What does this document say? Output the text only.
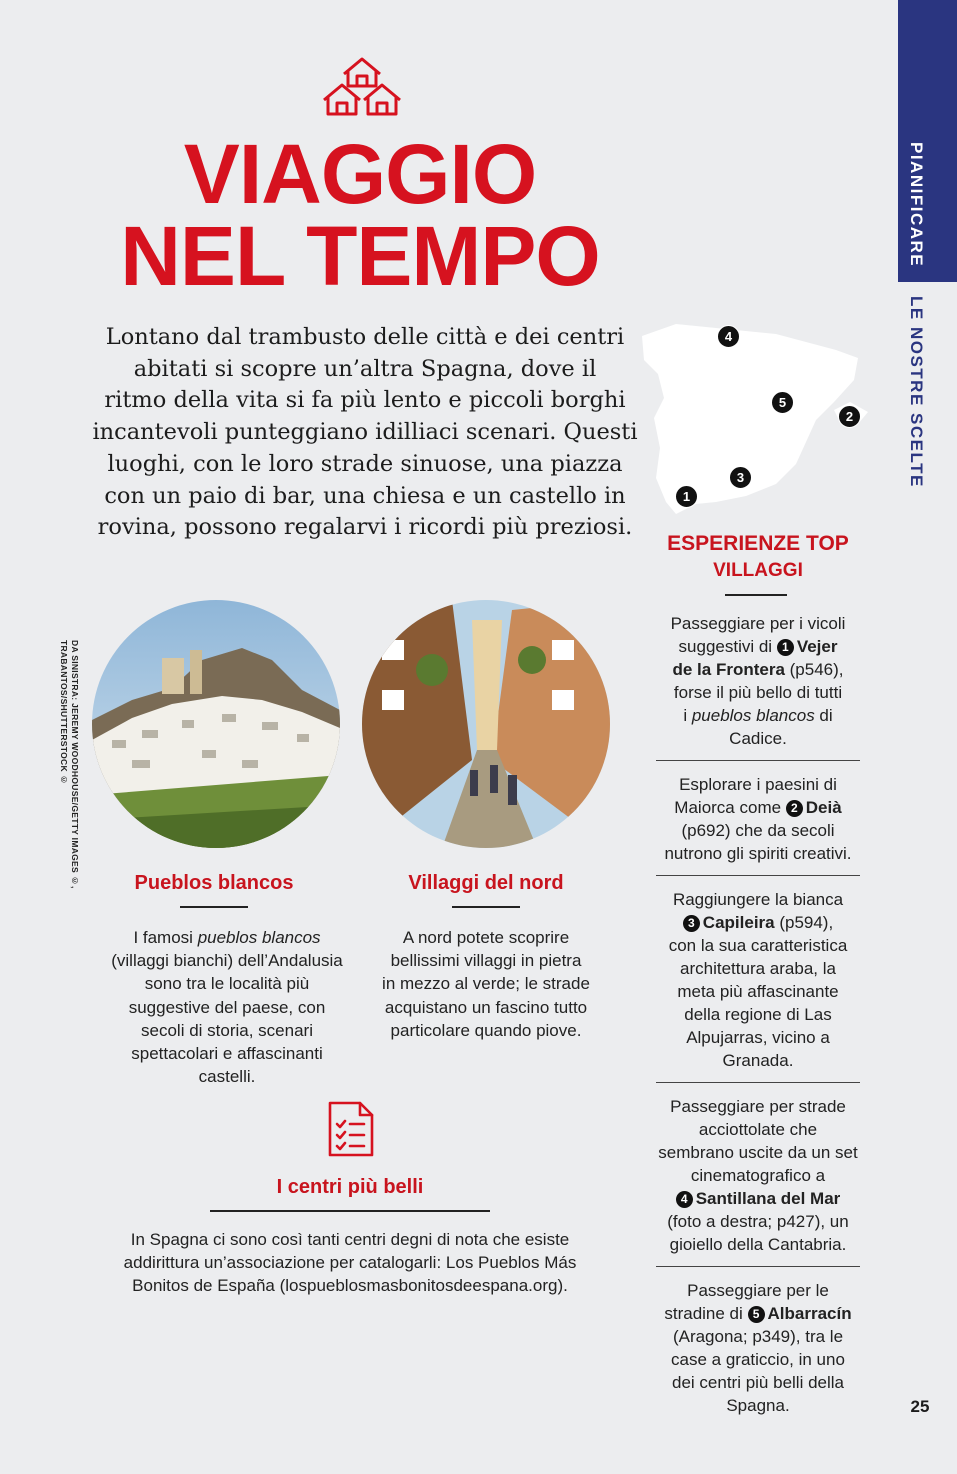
PIANIFICARE
LE NOSTRE SCELTE
VIAGGIO
NEL TEMPO
Lontano dal trambusto delle città e dei centri
abitati si scopre un’altra Spagna, dove il
ritmo della vita si fa più lento e piccoli borghi
incantevoli punteggiano idilliaci scenari. Questi
luoghi, con le loro strade sinuose, una piazza
con un paio di bar, una chiesa e un castello in
rovina, possono regalarvi i ricordi più preziosi.
4
5
2
3
1
DA SINISTRA: JEREMY WOODHOUSE/GETTY IMAGES ©,
TRABANTOS/SHUTTERSTOCK ©
Pueblos blancos
I famosi pueblos blancos
(villaggi bianchi) dell’Andalusia
sono tra le località più
suggestive del paese, con
secoli di storia, scenari
spettacolari e affascinanti
castelli.
Villaggi del nord
A nord potete scoprire
bellissimi villaggi in pietra
in mezzo al verde; le strade
acquistano un fascino tutto
particolare quando piove.
I centri più belli
In Spagna ci sono così tanti centri degni di nota che esiste
addirittura un’associazione per catalogarli: Los Pueblos Más
Bonitos de España (lospueblosmasbonitosdeespana.org).
ESPERIENZE TOP
VILLAGGI
Passeggiare per i vicoli
suggestivi di 1 Vejer
de la Frontera (p546),
forse il più bello di tutti
i pueblos blancos di
Cadice.
Esplorare i paesini di
Maiorca come 2 Deià
(p692) che da secoli
nutrono gli spiriti creativi.
Raggiungere la bianca
3 Capileira (p594),
con la sua caratteristica
architettura araba, la
meta più affascinante
della regione di Las
Alpujarras, vicino a
Granada.
Passeggiare per strade
acciottolate che
sembrano uscite da un set
cinematografico a
4 Santillana del Mar
(foto a destra; p427), un
gioiello della Cantabria.
Passeggiare per le
stradine di 5 Albarracín
(Aragona; p349), tra le
case a graticcio, in uno
dei centri più belli della
Spagna.	25
